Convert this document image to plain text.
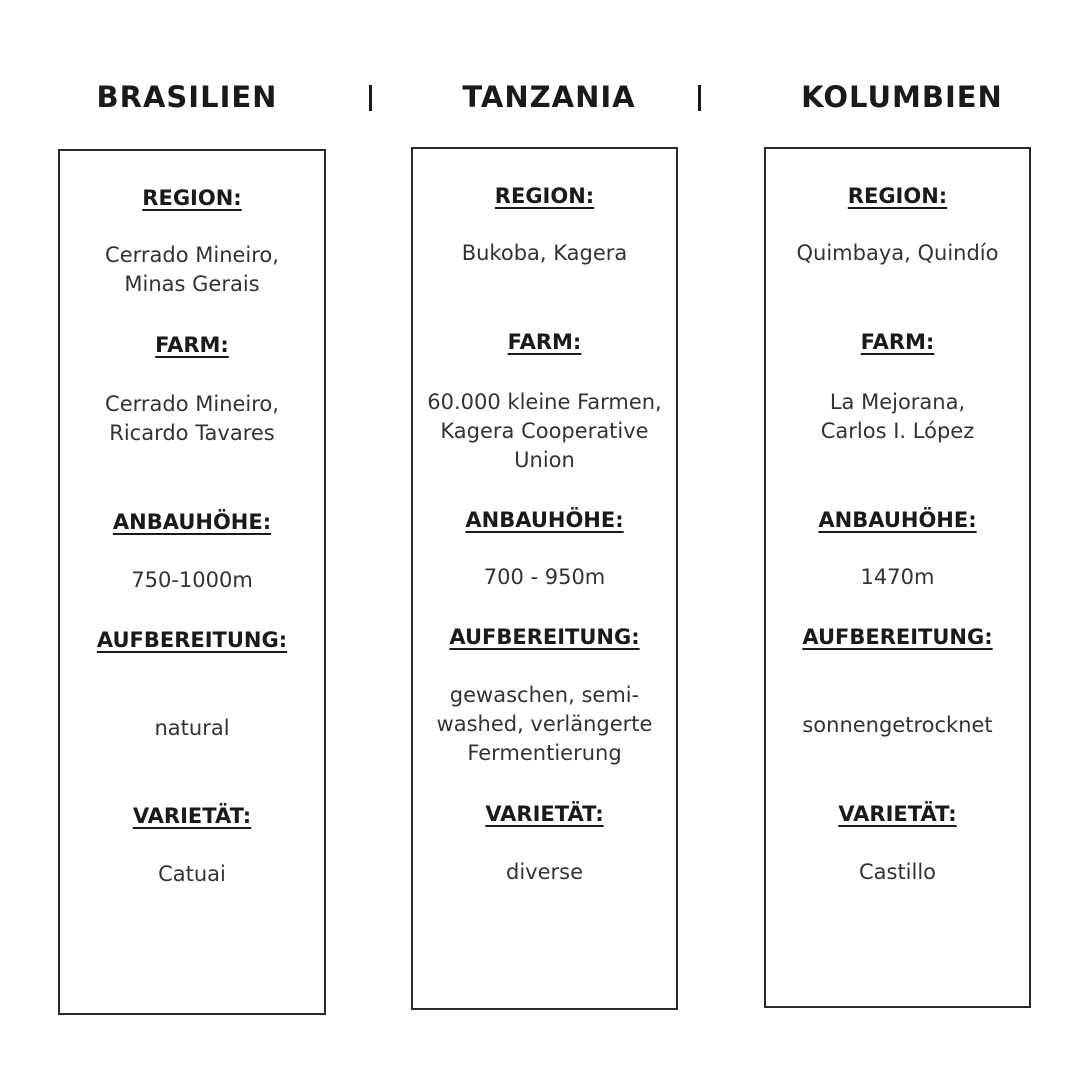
BRASILIEN	TANZANIA	KOLUMBIEN
REGION:
Cerrado Mineiro,
Minas Gerais
FARM:
Cerrado Mineiro,
Ricardo Tavares
ANBAUHÖHE:
750-1000m
AUFBEREITUNG:
natural
VARIETÄT:
Catuai
REGION:
Bukoba, Kagera
FARM:
60.000 kleine Farmen,
Kagera Cooperative
Union
ANBAUHÖHE:
700 - 950m
AUFBEREITUNG:
gewaschen, semi-
washed, verlängerte
Fermentierung
VARIETÄT:
diverse
REGION:
Quimbaya, Quindío
FARM:
La Mejorana,
Carlos I. López
ANBAUHÖHE:
1470m
AUFBEREITUNG:
sonnengetrocknet
VARIETÄT:
Castillo
